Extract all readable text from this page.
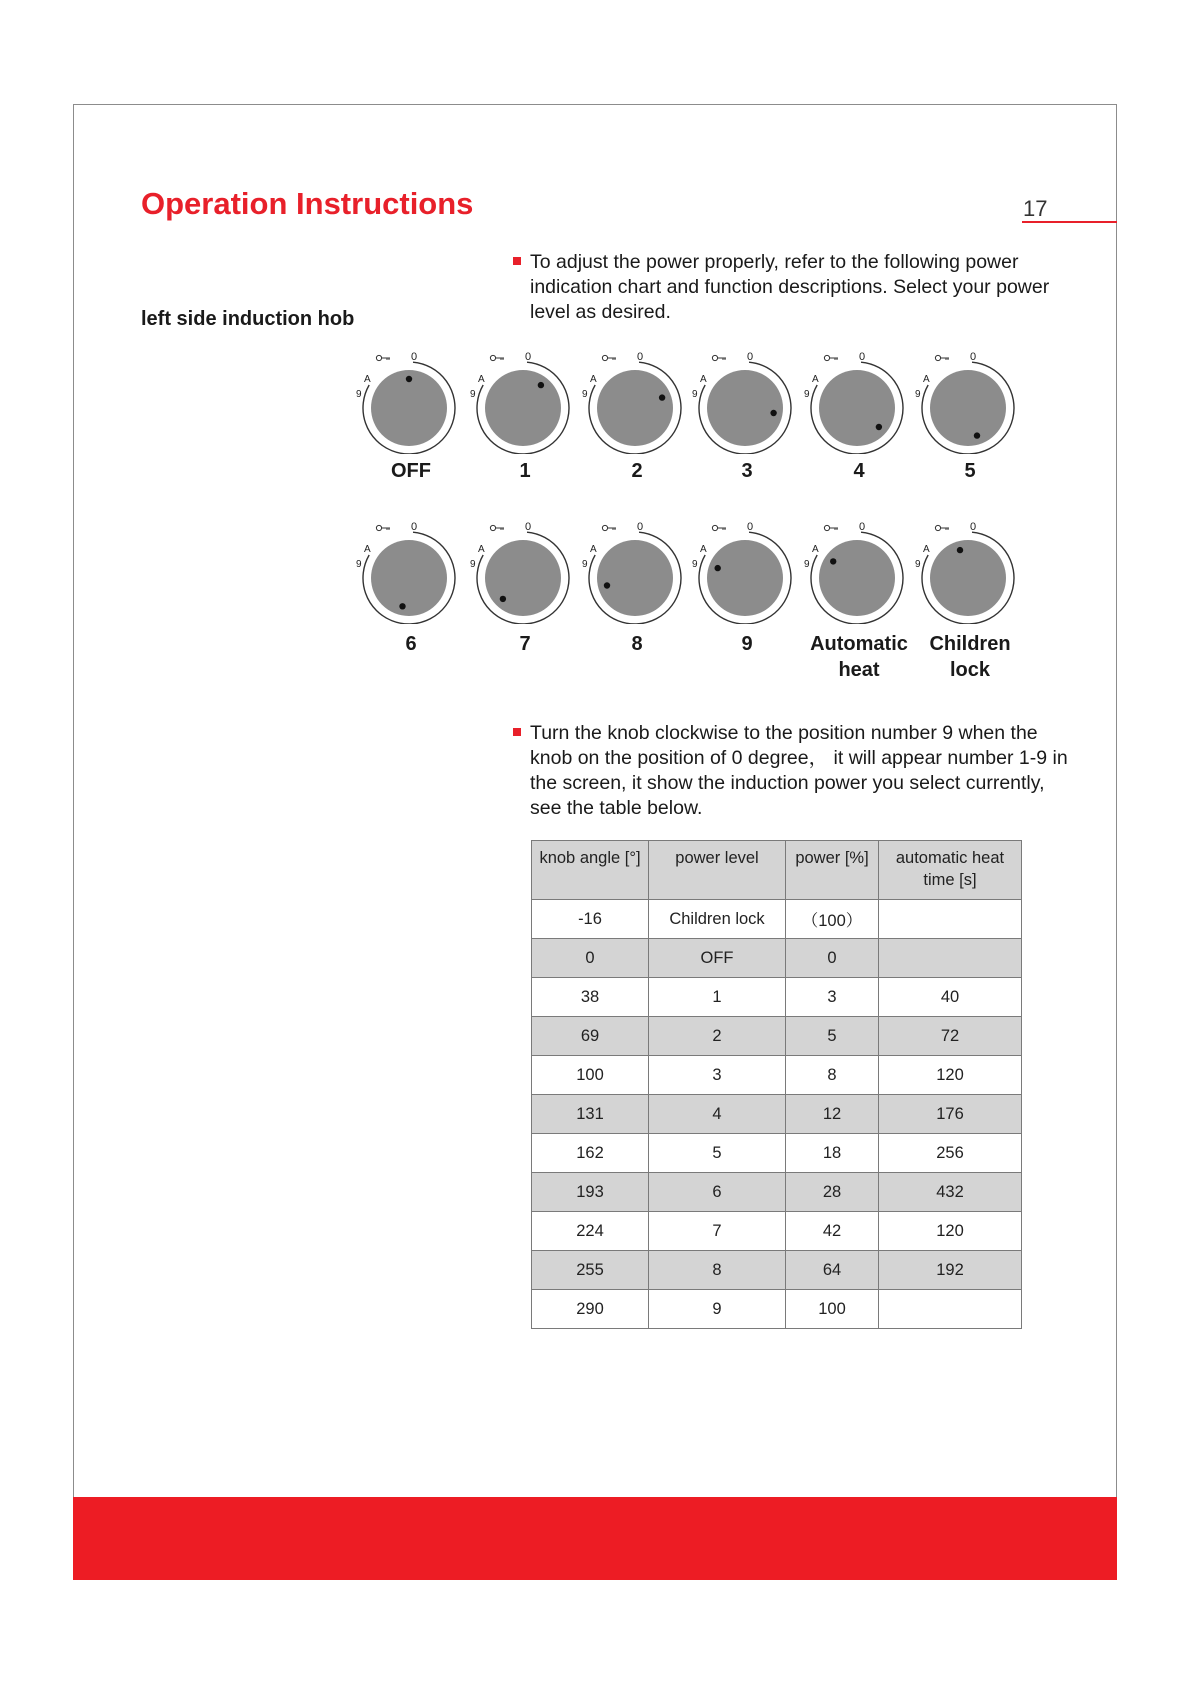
Operation Instructions	17
left side induction hob
To adjust the power properly, refer to the following power indication chart and function descriptions. Select your power level as desired.
0
A
9
OFF
0
A
9
1
0
A
9
2
0
A
9
3
0
A
9
4
0
A
9
5
0
A
9
6
0
A
9
7
0
A
9
8
0
A
9
9
0
A
9
Automatic heat
0
A
9
Children lock
Turn the knob clockwise to the position number 9 when the knob on the position of 0 degree， it will appear number 1-9 in the screen, it show the induction power you select currently, see the table below.
knob angle [°]	power level	power [%]	automatic heat time [s]
-16	Children lock	（100）	
0	OFF	0	
38	1	3	40
69	2	5	72
100	3	8	120
131	4	12	176
162	5	18	256
193	6	28	432
224	7	42	120
255	8	64	192
290	9	100	
